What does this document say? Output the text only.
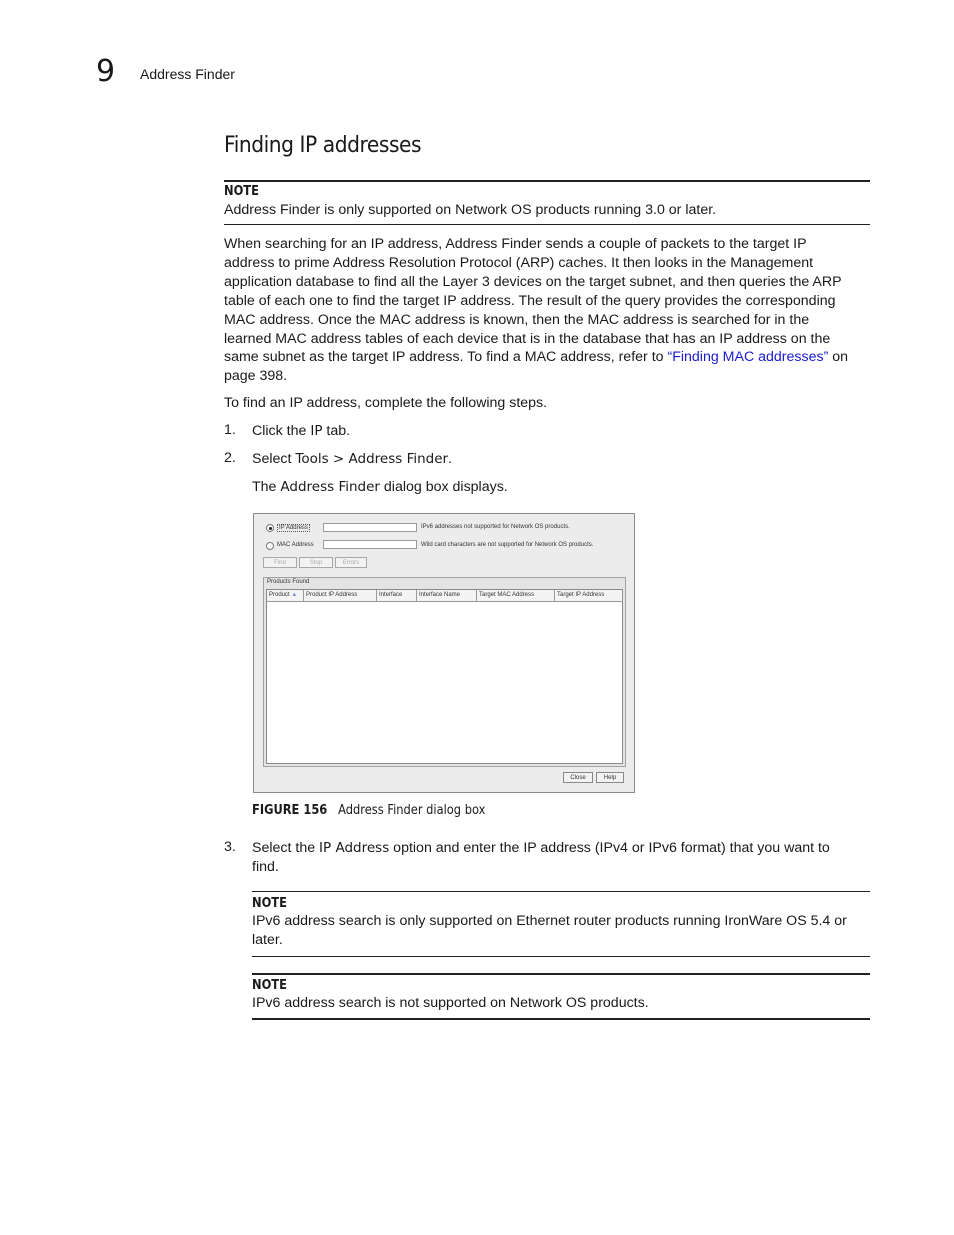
9 Address Finder
Finding IP addresses
NOTE
Address Finder is only supported on Network OS products running 3.0 or later.
When searching for an IP address, Address Finder sends a couple of packets to the target IP
address to prime Address Resolution Protocol (ARP) caches. It then looks in the Management
application database to find all the Layer 3 devices on the target subnet, and then queries the ARP
table of each one to find the target IP address. The result of the query provides the corresponding
MAC address. Once the MAC address is known, then the MAC address is searched for in the
learned MAC address tables of each device that is in the database that has an IP address on the
same subnet as the target IP address. To find a MAC address, refer to “Finding MAC addresses” on
page 398.
To find an IP address, complete the following steps.
1. Click the IP tab.
2. Select Tools > Address Finder.
The Address Finder dialog box displays.
IP Address	IPv6 addresses not supported for Network OS products.
MAC Address	Wild card characters are not supported for Network OS products.
Find	Stop	Errors
Products Found
Product ▲	Product IP Address	Interface	Interface Name	Target MAC Address	Target IP Address
Close	Help
FIGURE 156 Address Finder dialog box
3. Select the IP Address option and enter the IP address (IPv4 or IPv6 format) that you want to
find.
NOTE
IPv6 address search is only supported on Ethernet router products running IronWare OS 5.4 or
later.
NOTE
IPv6 address search is not supported on Network OS products.
